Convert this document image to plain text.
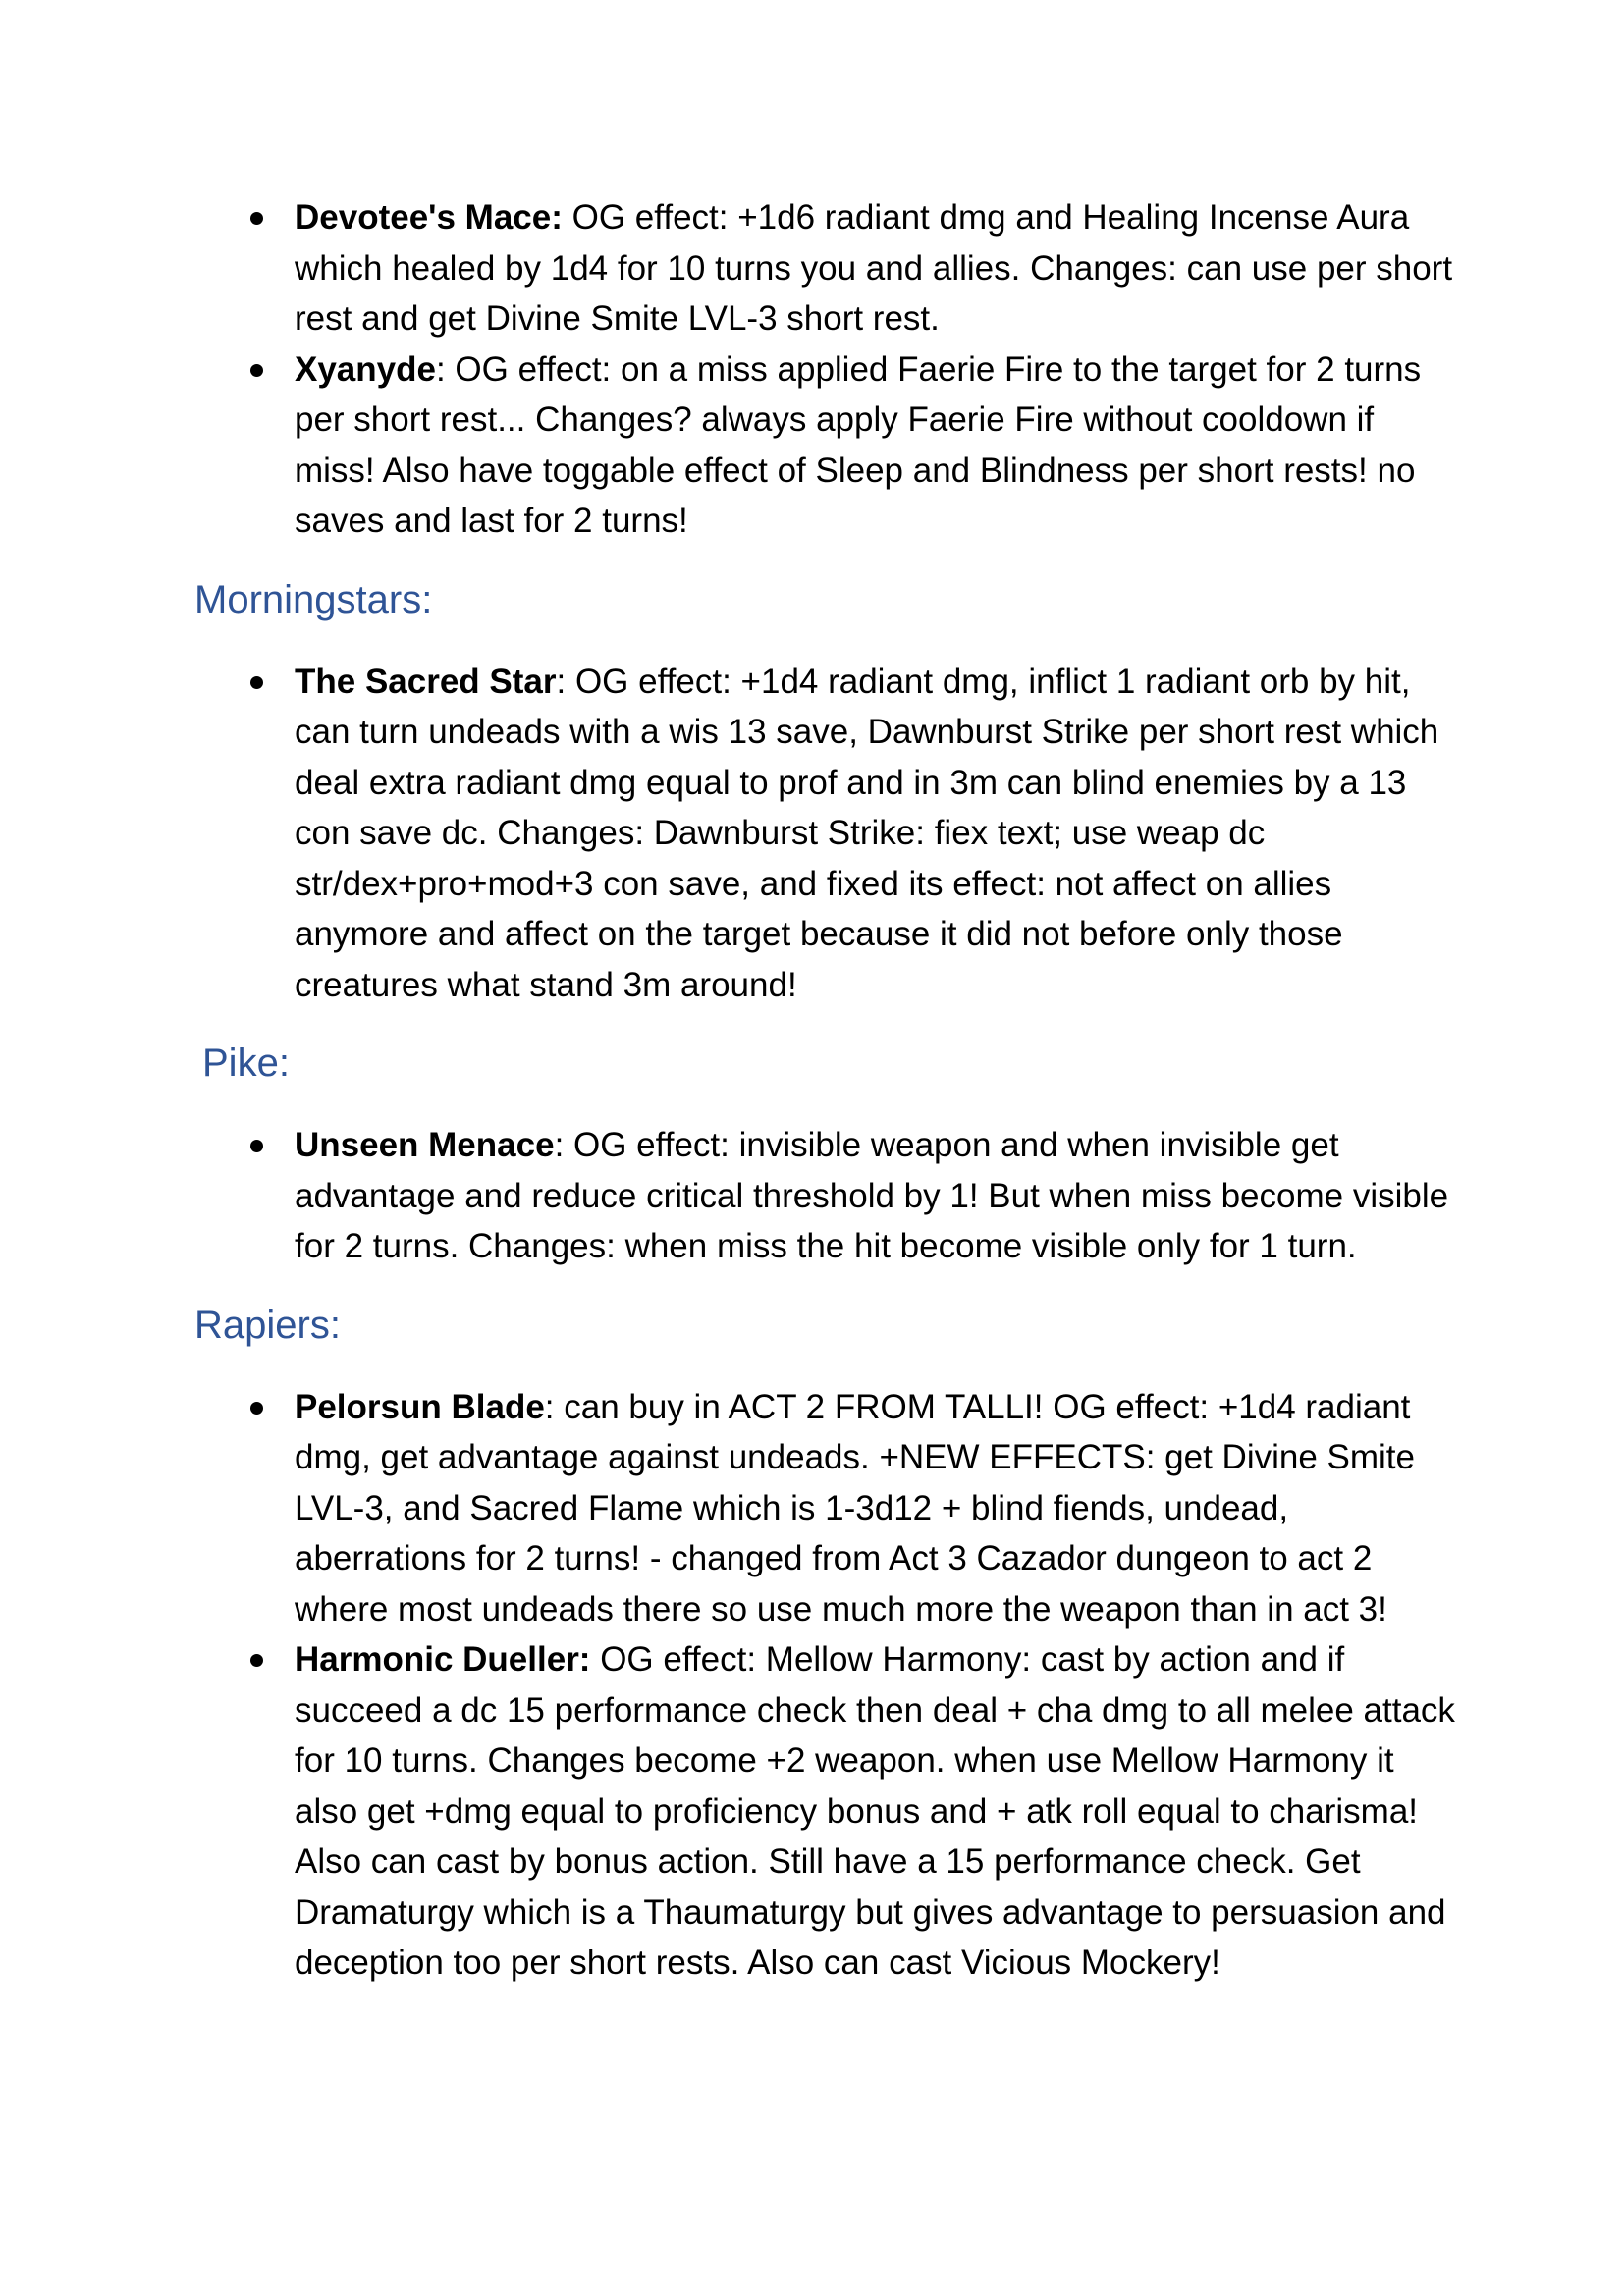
Devotee's Mace: OG effect: +1d6 radiant dmg and Healing Incense Aura which healed by 1d4 for 10 turns you and allies. Changes: can use per short rest and get Divine Smite LVL-3 short rest.
Xyanyde: OG effect: on a miss applied Faerie Fire to the target for 2 turns per short rest... Changes? always apply Faerie Fire without cooldown if miss! Also have toggable effect of Sleep and Blindness per short rests! no saves and last for 2 turns!
Morningstars:
The Sacred Star: OG effect: +1d4 radiant dmg, inflict 1 radiant orb by hit, can turn undeads with a wis 13 save, Dawnburst Strike per short rest which deal extra radiant dmg equal to prof and in 3m can blind enemies by a 13 con save dc. Changes: Dawnburst Strike: fiex text; use weap dc str/dex+pro+mod+3 con save, and fixed its effect: not affect on allies anymore and affect on the target because it did not before only those creatures what stand 3m around!
Pike:
Unseen Menace: OG effect: invisible weapon and when invisible get advantage and reduce critical threshold by 1! But when miss become visible for 2 turns. Changes: when miss the hit become visible only for 1 turn.
Rapiers:
Pelorsun Blade: can buy in ACT 2 FROM TALLI! OG effect: +1d4 radiant dmg, get advantage against undeads. +NEW EFFECTS: get Divine Smite LVL-3, and Sacred Flame which is 1-3d12 + blind fiends, undead, aberrations for 2 turns! - changed from Act 3 Cazador dungeon to act 2 where most undeads there so use much more the weapon than in act 3!
Harmonic Dueller: OG effect: Mellow Harmony: cast by action and if succeed a dc 15 performance check then deal + cha dmg to all melee attack for 10 turns. Changes become +2 weapon. when use Mellow Harmony it also get +dmg equal to proficiency bonus and + atk roll equal to charisma! Also can cast by bonus action. Still have a 15 performance check. Get Dramaturgy which is a Thaumaturgy but gives advantage to persuasion and deception too per short rests. Also can cast Vicious Mockery!
